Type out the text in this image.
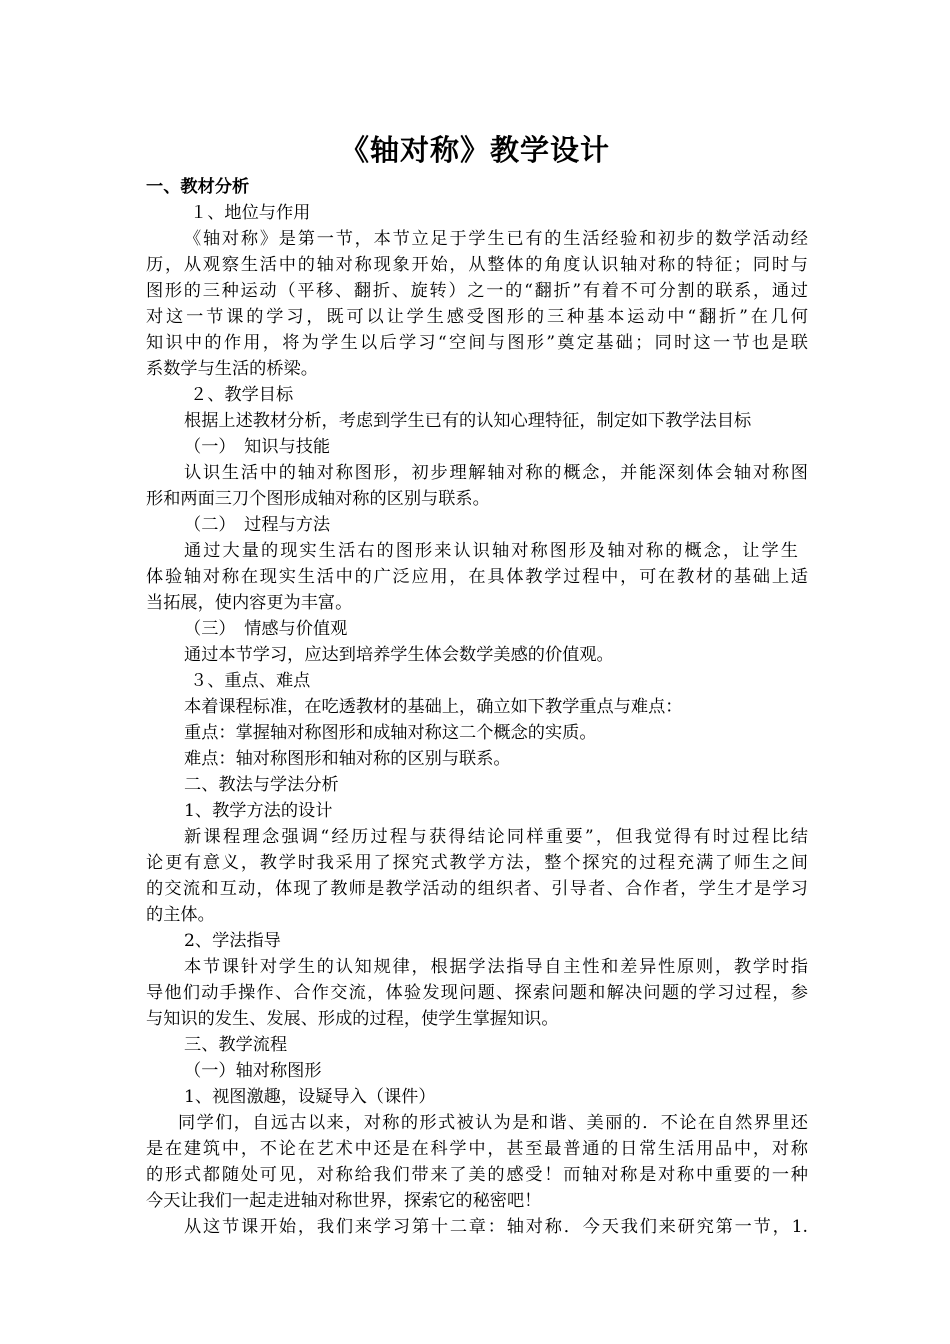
《轴对称》教学设计
一、教材分析
１、地位与作用
《轴对称》是第一节，本节立足于学生已有的生活经验和初步的数学活动经
历，从观察生活中的轴对称现象开始，从整体的角度认识轴对称的特征；同时与
图形的三种运动（平移、翻折、旋转）之一的“翻折”有着不可分割的联系，通过
对这一节课的学习，既可以让学生感受图形的三种基本运动中“翻折”在几何
知识中的作用，将为学生以后学习“空间与图形”奠定基础；同时这一节也是联
系数学与生活的桥梁。
２、教学目标
根据上述教材分析，考虑到学生已有的认知心理特征，制定如下教学法目标
（一）　知识与技能
认识生活中的轴对称图形，初步理解轴对称的概念，并能深刻体会轴对称图
形和两面三刀个图形成轴对称的区别与联系。
（二）　过程与方法
通过大量的现实生活右的图形来认识轴对称图形及轴对称的概念，让学生
体验轴对称在现实生活中的广泛应用，在具体教学过程中，可在教材的基础上适
当拓展，使内容更为丰富。
（三）　情感与价值观
通过本节学习，应达到培养学生体会数学美感的价值观。
３、重点、难点
本着课程标准，在吃透教材的基础上，确立如下教学重点与难点：
重点：掌握轴对称图形和成轴对称这二个概念的实质。
难点：轴对称图形和轴对称的区别与联系。
二、教法与学法分析
1、教学方法的设计
新课程理念强调“经历过程与获得结论同样重要”，但我觉得有时过程比结
论更有意义，教学时我采用了探究式教学方法，整个探究的过程充满了师生之间
的交流和互动，体现了教师是教学活动的组织者、引导者、合作者，学生才是学习
的主体。
2、学法指导
本节课针对学生的认知规律，根据学法指导自主性和差异性原则，教学时指
导他们动手操作、合作交流，体验发现问题、探索问题和解决问题的学习过程，参
与知识的发生、发展、形成的过程，使学生掌握知识。
三、教学流程
（一）轴对称图形
1、视图激趣，设疑导入（课件）
同学们，自远古以来，对称的形式被认为是和谐、美丽的．不论在自然界里还
是在建筑中，不论在艺术中还是在科学中，甚至最普通的日常生活用品中，对称
的形式都随处可见，对称给我们带来了美的感受！而轴对称是对称中重要的一种
今天让我们一起走进轴对称世界，探索它的秘密吧！
从这节课开始，我们来学习第十二章：轴对称．今天我们来研究第一节，1.
